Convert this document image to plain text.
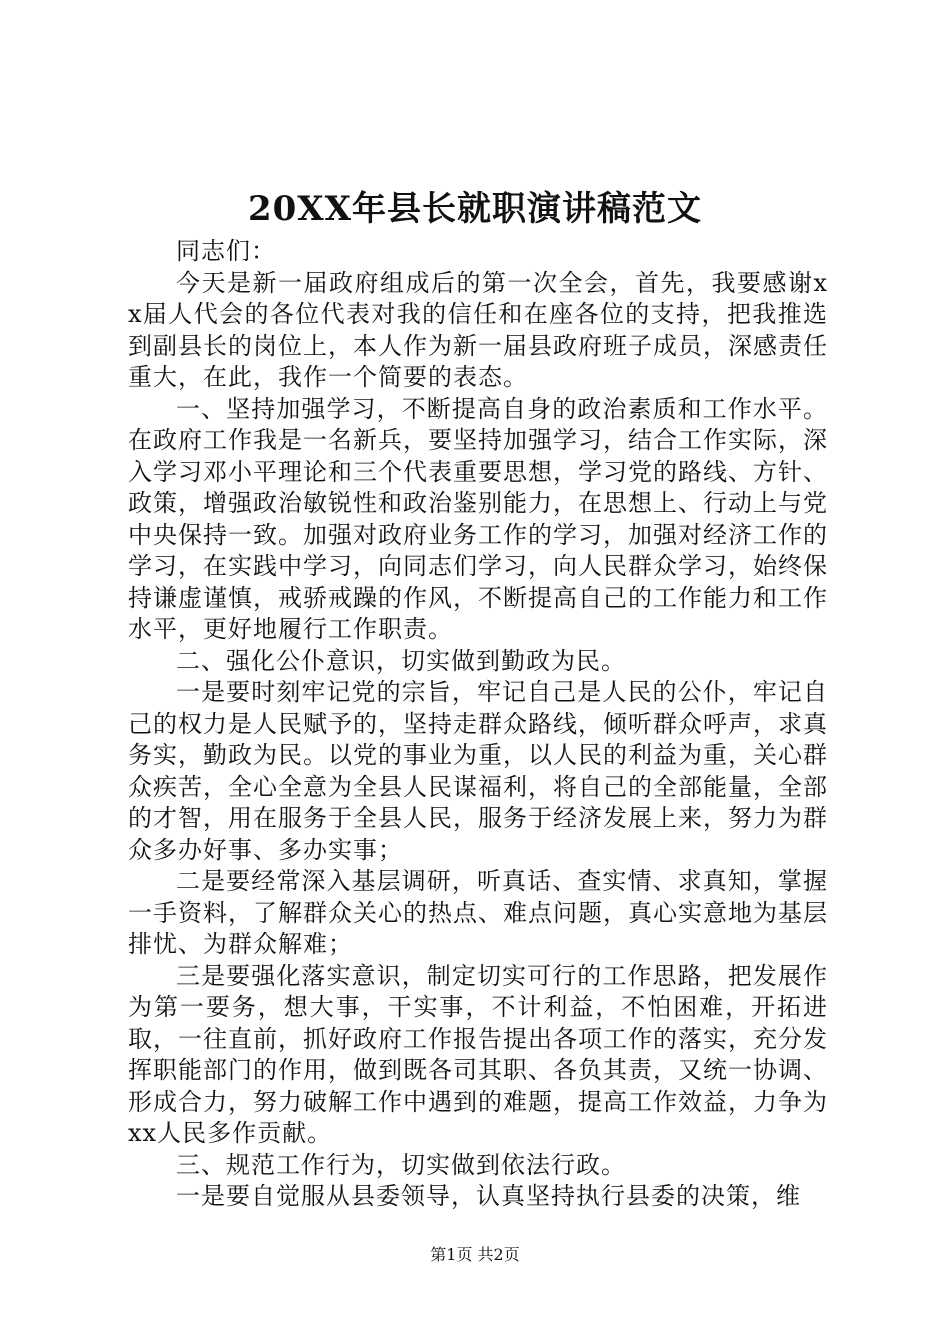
20XX年县长就职演讲稿范文

同志们：

今天是新一届政府组成后的第一次全会，首先，我要感谢xx届人代会的各位代表对我的信任和在座各位的支持，把我推选到副县长的岗位上，本人作为新一届县政府班子成员，深感责任重大，在此，我作一个简要的表态。

一、坚持加强学习，不断提高自身的政治素质和工作水平。在政府工作我是一名新兵，要坚持加强学习，结合工作实际，深入学习邓小平理论和三个代表重要思想，学习党的路线、方针、政策，增强政治敏锐性和政治鉴别能力，在思想上、行动上与党中央保持一致。加强对政府业务工作的学习，加强对经济工作的学习，在实践中学习，向同志们学习，向人民群众学习，始终保持谦虚谨慎，戒骄戒躁的作风，不断提高自己的工作能力和工作水平，更好地履行工作职责。

二、强化公仆意识，切实做到勤政为民。

一是要时刻牢记党的宗旨，牢记自己是人民的公仆，牢记自己的权力是人民赋予的，坚持走群众路线，倾听群众呼声，求真务实，勤政为民。以党的事业为重，以人民的利益为重，关心群众疾苦，全心全意为全县人民谋福利，将自己的全部能量，全部的才智，用在服务于全县人民，服务于经济发展上来，努力为群众多办好事、多办实事；

二是要经常深入基层调研，听真话、查实情、求真知，掌握一手资料，了解群众关心的热点、难点问题，真心实意地为基层排忧、为群众解难；

三是要强化落实意识，制定切实可行的工作思路，把发展作为第一要务，想大事，干实事，不计利益，不怕困难，开拓进取，一往直前，抓好政府工作报告提出各项工作的落实，充分发挥职能部门的作用，做到既各司其职、各负其责，又统一协调、形成合力，努力破解工作中遇到的难题，提高工作效益，力争为xx人民多作贡献。

三、规范工作行为，切实做到依法行政。

一是要自觉服从县委领导，认真坚持执行县委的决策，维

第1页 共2页
